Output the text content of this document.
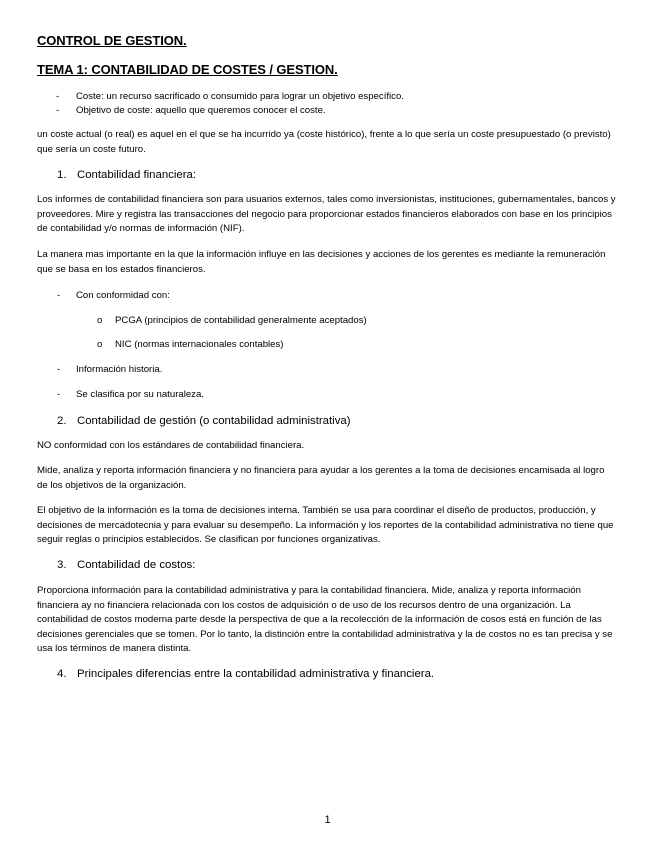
CONTROL DE GESTION.
TEMA 1: CONTABILIDAD DE COSTES / GESTION.
- Coste: un recurso sacrificado o consumido para lograr un objetivo específico.
- Objetivo de coste: aquello que queremos conocer el coste.
un coste actual (o real) es aquel en el que se ha incurrido ya (coste histórico), frente a lo que sería un coste presupuestado (o previsto) que sería un coste futuro.
1. Contabilidad financiera:
Los informes de contabilidad financiera son para usuarios externos, tales como inversionistas, instituciones, gubernamentales, bancos y proveedores. Mire y registra las transacciones del negocio para proporcionar estados financieros elaborados con base en los principios de contabilidad y/o normas de información (NIF).
La manera mas importante en la que la información influye en las decisiones y acciones de los gerentes es mediante la remuneración que se basa en los estados financieros.
- Con conformidad con:
o PCGA (principios de contabilidad generalmente aceptados)
o NIC (normas internacionales contables)
- Información historia.
- Se clasifica por su naturaleza.
2. Contabilidad de gestión (o contabilidad administrativa)
NO conformidad con los estándares de contabilidad financiera.
Mide, analiza y reporta información financiera y no financiera para ayudar a los gerentes a la toma de decisiones encamisada al logro de los objetivos de la organización.
El objetivo de la información es la toma de decisiones interna. También se usa para coordinar el diseño de productos, producción, y decisiones de mercadotecnia y para evaluar su desempeño. La información y los reportes de la contabilidad administrativa no tiene que seguir reglas o principios establecidos. Se clasifican por funciones organizativas.
3. Contabilidad de costos:
Proporciona información para la contabilidad administrativa y para la contabilidad financiera. Mide, analiza y reporta información financiera ay no financiera relacionada con los costos de adquisición o de uso de los recursos dentro de una organización. La contabilidad de costos moderna parte desde la perspectiva de que a la recolección de la información de cosos está en función de las decisiones gerenciales que se tomen. Por lo tanto, la distinción entre la contabilidad administrativa y la de costos no es tan precisa y se usa los términos de manera distinta.
4. Principales diferencias entre la contabilidad administrativa y financiera.
1
